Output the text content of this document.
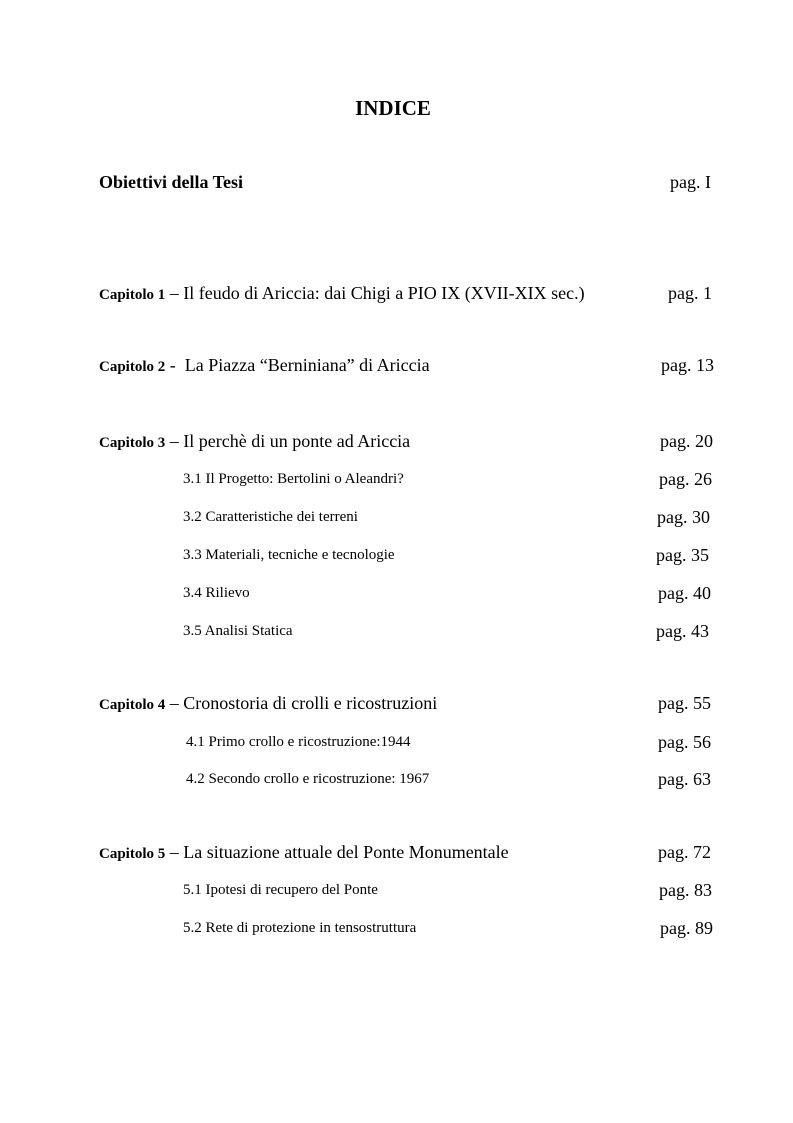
INDICE
Obiettivi della Tesi	pag. I
Capitolo 1 – Il feudo di Ariccia: dai Chigi a PIO IX (XVII-XIX sec.)	pag. 1
Capitolo 2 -  La Piazza “Berniniana” di Ariccia	pag. 13
Capitolo 3 – Il perchè di un ponte ad Ariccia	pag. 20
3.1 Il Progetto: Bertolini o Aleandri?	pag. 26
3.2 Caratteristiche dei terreni	pag. 30
3.3 Materiali, tecniche e tecnologie	pag. 35
3.4 Rilievo	pag. 40
3.5 Analisi Statica	pag. 43
Capitolo 4 – Cronostoria di crolli e ricostruzioni	pag. 55
4.1 Primo crollo e ricostruzione:1944	pag. 56
4.2 Secondo crollo e ricostruzione: 1967	pag. 63
Capitolo 5 – La situazione attuale del Ponte Monumentale	pag. 72
5.1 Ipotesi di recupero del Ponte	pag. 83
5.2 Rete di protezione in tensostruttura	pag. 89
